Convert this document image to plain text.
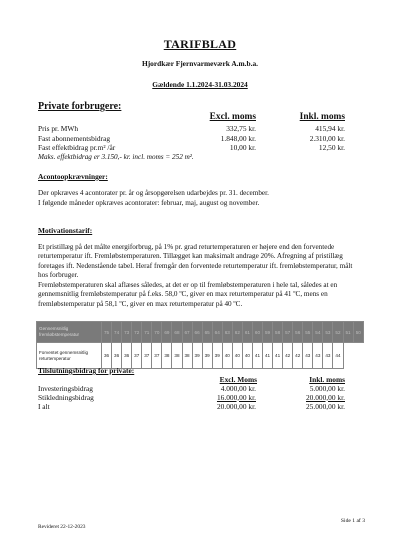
TARIFBLAD
Hjordkær Fjernvarmeværk A.m.b.a.
Gældende 1.1.2024-31.03.2024
Private forbrugere:
Excl. moms	Inkl. moms
Pris pr. MWh	332,75 kr.	415,94 kr.
Fast abonnementsbidrag	1.848,00 kr.	2.310,00 kr.
Fast effektbidrag pr.m² /år	10,00 kr.	12,50 kr.
Maks. effektbidrag er 3.150,- kr. incl. moms = 252 m².
Acontoopkrævninger:
Der opkræves 4 acontorater pr. år og årsopgørelsen udarbejdes pr. 31. december.
I følgende måneder opkræves acontorater: februar, maj, august og november.
Motivationstarif:
Et pristillæg på det målte energiforbrug, på 1% pr. grad returtemperaturen er højere end den forventede returtemperatur ift. Fremløbstemperaturen. Tillægget kan maksimalt andrage 20%. Afregning af pristillæg foretages ift. Nedenstående tabel. Heraf fremgår den forventede returtemperatur ift. fremløbstemperatur, målt hos forbruger.
Fremløbstemperaturen skal aflæses således, at det er op til fremløbstemperaturen i hele tal, således at en gennemsnitlig fremløbstemperatur på f.eks. 58,0 ºC, giver en max returtemperatur på 41 ºC, mens en fremløbstemperatur på 58,1 ºC, giver en max returtemperatur på 40 ºC.
Gennemsnitlig fremløbstemperatur	75	74	73	72	71	70	69	68	67	66	65	64	63	62	61	60	59	58	57	56	55	54	53	52	51	50
Forventet gennemsnitlig returtemperatur	36	36	36	37	37	37	38	38	38	39	39	39	40	40	40	41	41	41	42	42	43	43	43	44		
Tilslutningsbidrag for private:
Excl. Moms	Inkl. moms
Investeringsbidrag	4.000,00 kr.	5.000,00 kr.
Stikledningsbidrag	16.000,00 kr.	20.000,00 kr.
I alt	20.000,00 kr.	25.000,00 kr.
Side 1 af 3
Revideret 22-12-2023
